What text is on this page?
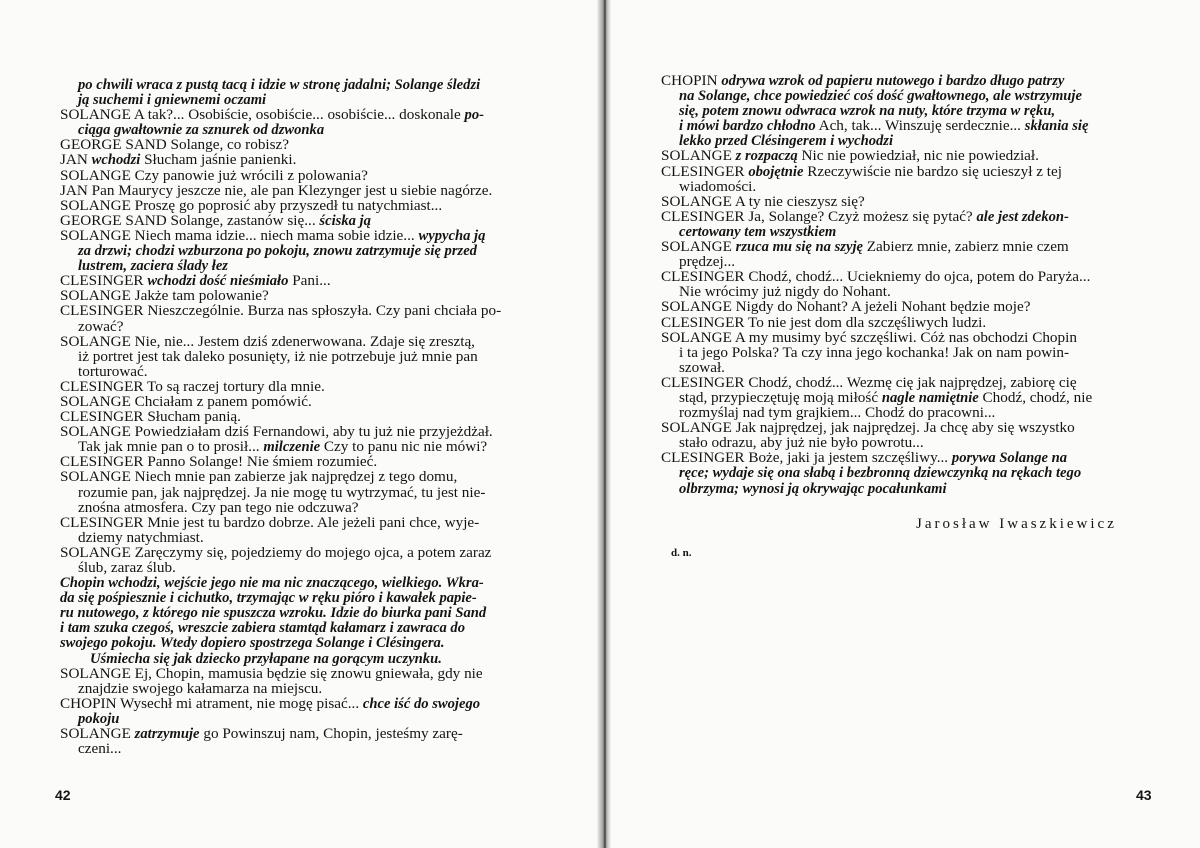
po chwili wraca z pustą tacą i idzie w stronę jadalni; Solange śledzi
ją suchemi i gniewnemi oczami
SOLANGE A tak?... Osobiście, osobiście... osobiście... doskonale po-
ciąga gwałtownie za sznurek od dzwonka
GEORGE SAND Solange, co robisz?
JAN wchodzi Słucham jaśnie panienki.
SOLANGE Czy panowie już wrócili z polowania?
JAN Pan Maurycy jeszcze nie, ale pan Klezynger jest u siebie nagórze.
SOLANGE Proszę go poprosić aby przyszedł tu natychmiast...
GEORGE SAND Solange, zastanów się... ściska ją
SOLANGE Niech mama idzie... niech mama sobie idzie... wypycha ją
za drzwi; chodzi wzburzona po pokoju, znowu zatrzymuje się przed
lustrem, zaciera ślady łez
CLESINGER wchodzi dość nieśmiało Pani...
SOLANGE Jakże tam polowanie?
CLESINGER Nieszczególnie. Burza nas spłoszyła. Czy pani chciała po-
zować?
SOLANGE Nie, nie... Jestem dziś zdenerwowana. Zdaje się zresztą,
iż portret jest tak daleko posunięty, iż nie potrzebuje już mnie pan
torturować.
CLESINGER To są raczej tortury dla mnie.
SOLANGE Chciałam z panem pomówić.
CLESINGER Słucham panią.
SOLANGE Powiedziałam dziś Fernandowi, aby tu już nie przyjeżdżał.
Tak jak mnie pan o to prosił... milczenie Czy to panu nic nie mówi?
CLESINGER Panno Solange! Nie śmiem rozumieć.
SOLANGE Niech mnie pan zabierze jak najprędzej z tego domu,
rozumie pan, jak najprędzej. Ja nie mogę tu wytrzymać, tu jest nie-
znośna atmosfera. Czy pan tego nie odczuwa?
CLESINGER Mnie jest tu bardzo dobrze. Ale jeżeli pani chce, wyje-
dziemy natychmiast.
SOLANGE Zaręczymy się, pojedziemy do mojego ojca, a potem zaraz
ślub, zaraz ślub.
Chopin wchodzi, wejście jego nie ma nic znaczącego, wielkiego. Wkra-
da się pośpiesznie i cichutko, trzymając w ręku pióro i kawałek papie-
ru nutowego, z którego nie spuszcza wzroku. Idzie do biurka pani Sand
i tam szuka czegoś, wreszcie zabiera stamtąd kałamarz i zawraca do
swojego pokoju. Wtedy dopiero spostrzega Solange i Clésingera.
Uśmiecha się jak dziecko przyłapane na gorącym uczynku.
SOLANGE Ej, Chopin, mamusia będzie się znowu gniewała, gdy nie
znajdzie swojego kałamarza na miejscu.
CHOPIN Wysechł mi atrament, nie mogę pisać... chce iść do swojego
pokoju
SOLANGE zatrzymuje go Powinszuj nam, Chopin, jesteśmy zarę-
czeni...
42
CHOPIN odrywa wzrok od papieru nutowego i bardzo długo patrzy
na Solange, chce powiedzieć coś dość gwałtownego, ale wstrzymuje
się, potem znowu odwraca wzrok na nuty, które trzyma w ręku,
i mówi bardzo chłodno Ach, tak... Winszuję serdecznie... skłania się
lekko przed Clésingerem i wychodzi
SOLANGE z rozpaczą Nic nie powiedział, nic nie powiedział.
CLESINGER obojętnie Rzeczywiście nie bardzo się ucieszył z tej
wiadomości.
SOLANGE A ty nie cieszysz się?
CLESINGER Ja, Solange? Czyż możesz się pytać? ale jest zdekon-
certowany tem wszystkiem
SOLANGE rzuca mu się na szyję Zabierz mnie, zabierz mnie czem
prędzej...
CLESINGER Chodź, chodź... Uciekniemy do ojca, potem do Paryża...
Nie wrócimy już nigdy do Nohant.
SOLANGE Nigdy do Nohant? A jeżeli Nohant będzie moje?
CLESINGER To nie jest dom dla szczęśliwych ludzi.
SOLANGE A my musimy być szczęśliwi. Cóż nas obchodzi Chopin
i ta jego Polska? Ta czy inna jego kochanka! Jak on nam powin-
szował.
CLESINGER Chodź, chodź... Wezmę cię jak najprędzej, zabiorę cię
stąd, przypieczętuję moją miłość nagle namiętnie Chodź, chodź, nie
rozmyślaj nad tym grajkiem... Chodź do pracowni...
SOLANGE Jak najprędzej, jak najprędzej. Ja chcę aby się wszystko
stało odrazu, aby już nie było powrotu...
CLESINGER Boże, jaki ja jestem szczęśliwy... porywa Solange na
ręce; wydaje się ona słabą i bezbronną dziewczynką na rękach tego
olbrzyma; wynosi ją okrywając pocałunkami
Jarosław Iwaszkiewicz
d. n.
43
